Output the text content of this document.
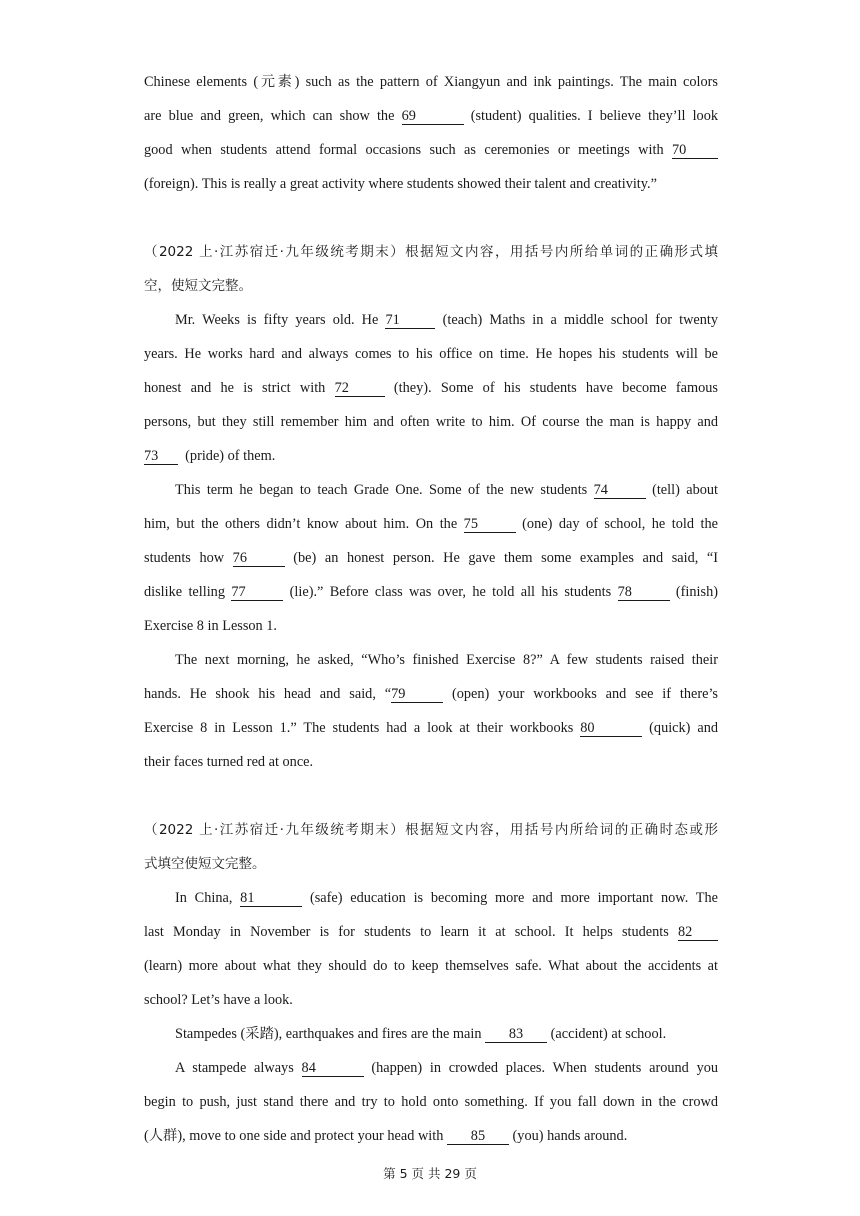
Chinese elements (元素) such as the pattern of Xiangyun and ink paintings. The main colors
are blue and green, which can show the 69	(student) qualities. I believe they’ll look
good when students attend formal occasions such as ceremonies or meetings with 70
(foreign). This is really a great activity where students showed their talent and creativity.”
（2022 上·江苏宿迁·九年级统考期末）根据短文内容，用括号内所给单词的正确形式填
空，使短文完整。
Mr. Weeks is fifty years old. He 71	(teach) Maths in a middle school for twenty
years. He works hard and always comes to his office on time. He hopes his students will be
honest and he is strict with 72	(they). Some of his students have become famous
persons, but they still remember him and often write to him. Of course the man is happy and
73 (pride) of them.
This term he began to teach Grade One. Some of the new students 74	(tell) about
him, but the others didn’t know about him. On the 75	(one) day of school, he told the
students how 76	(be) an honest person. He gave them some examples and said, “I
dislike telling 77	(lie).” Before class was over, he told all his students 78	(finish)
Exercise 8 in Lesson 1.
The next morning, he asked, “Who’s finished Exercise 8?” A few students raised their
hands. He shook his head and said, “79	(open) your workbooks and see if there’s
Exercise 8 in Lesson 1.” The students had a look at their workbooks 80	(quick) and
their faces turned red at once.
（2022 上·江苏宿迁·九年级统考期末）根据短文内容，用括号内所给词的正确时态或形
式填空使短文完整。
In China, 81	(safe) education is becoming more and more important now. The
last Monday in November is for students to learn it at school. It helps students 82
(learn) more about what they should do to keep themselves safe. What about the accidents at
school? Let’s have a look.
Stampedes (采踏), earthquakes and fires are the main 83 (accident) at school.
A stampede always 84	(happen) in crowded places. When students around you
begin to push, just stand there and try to hold onto something. If you fall down in the crowd
(人群), move to one side and protect your head with 85 (you) hands around.
第 5 页 共 29 页
